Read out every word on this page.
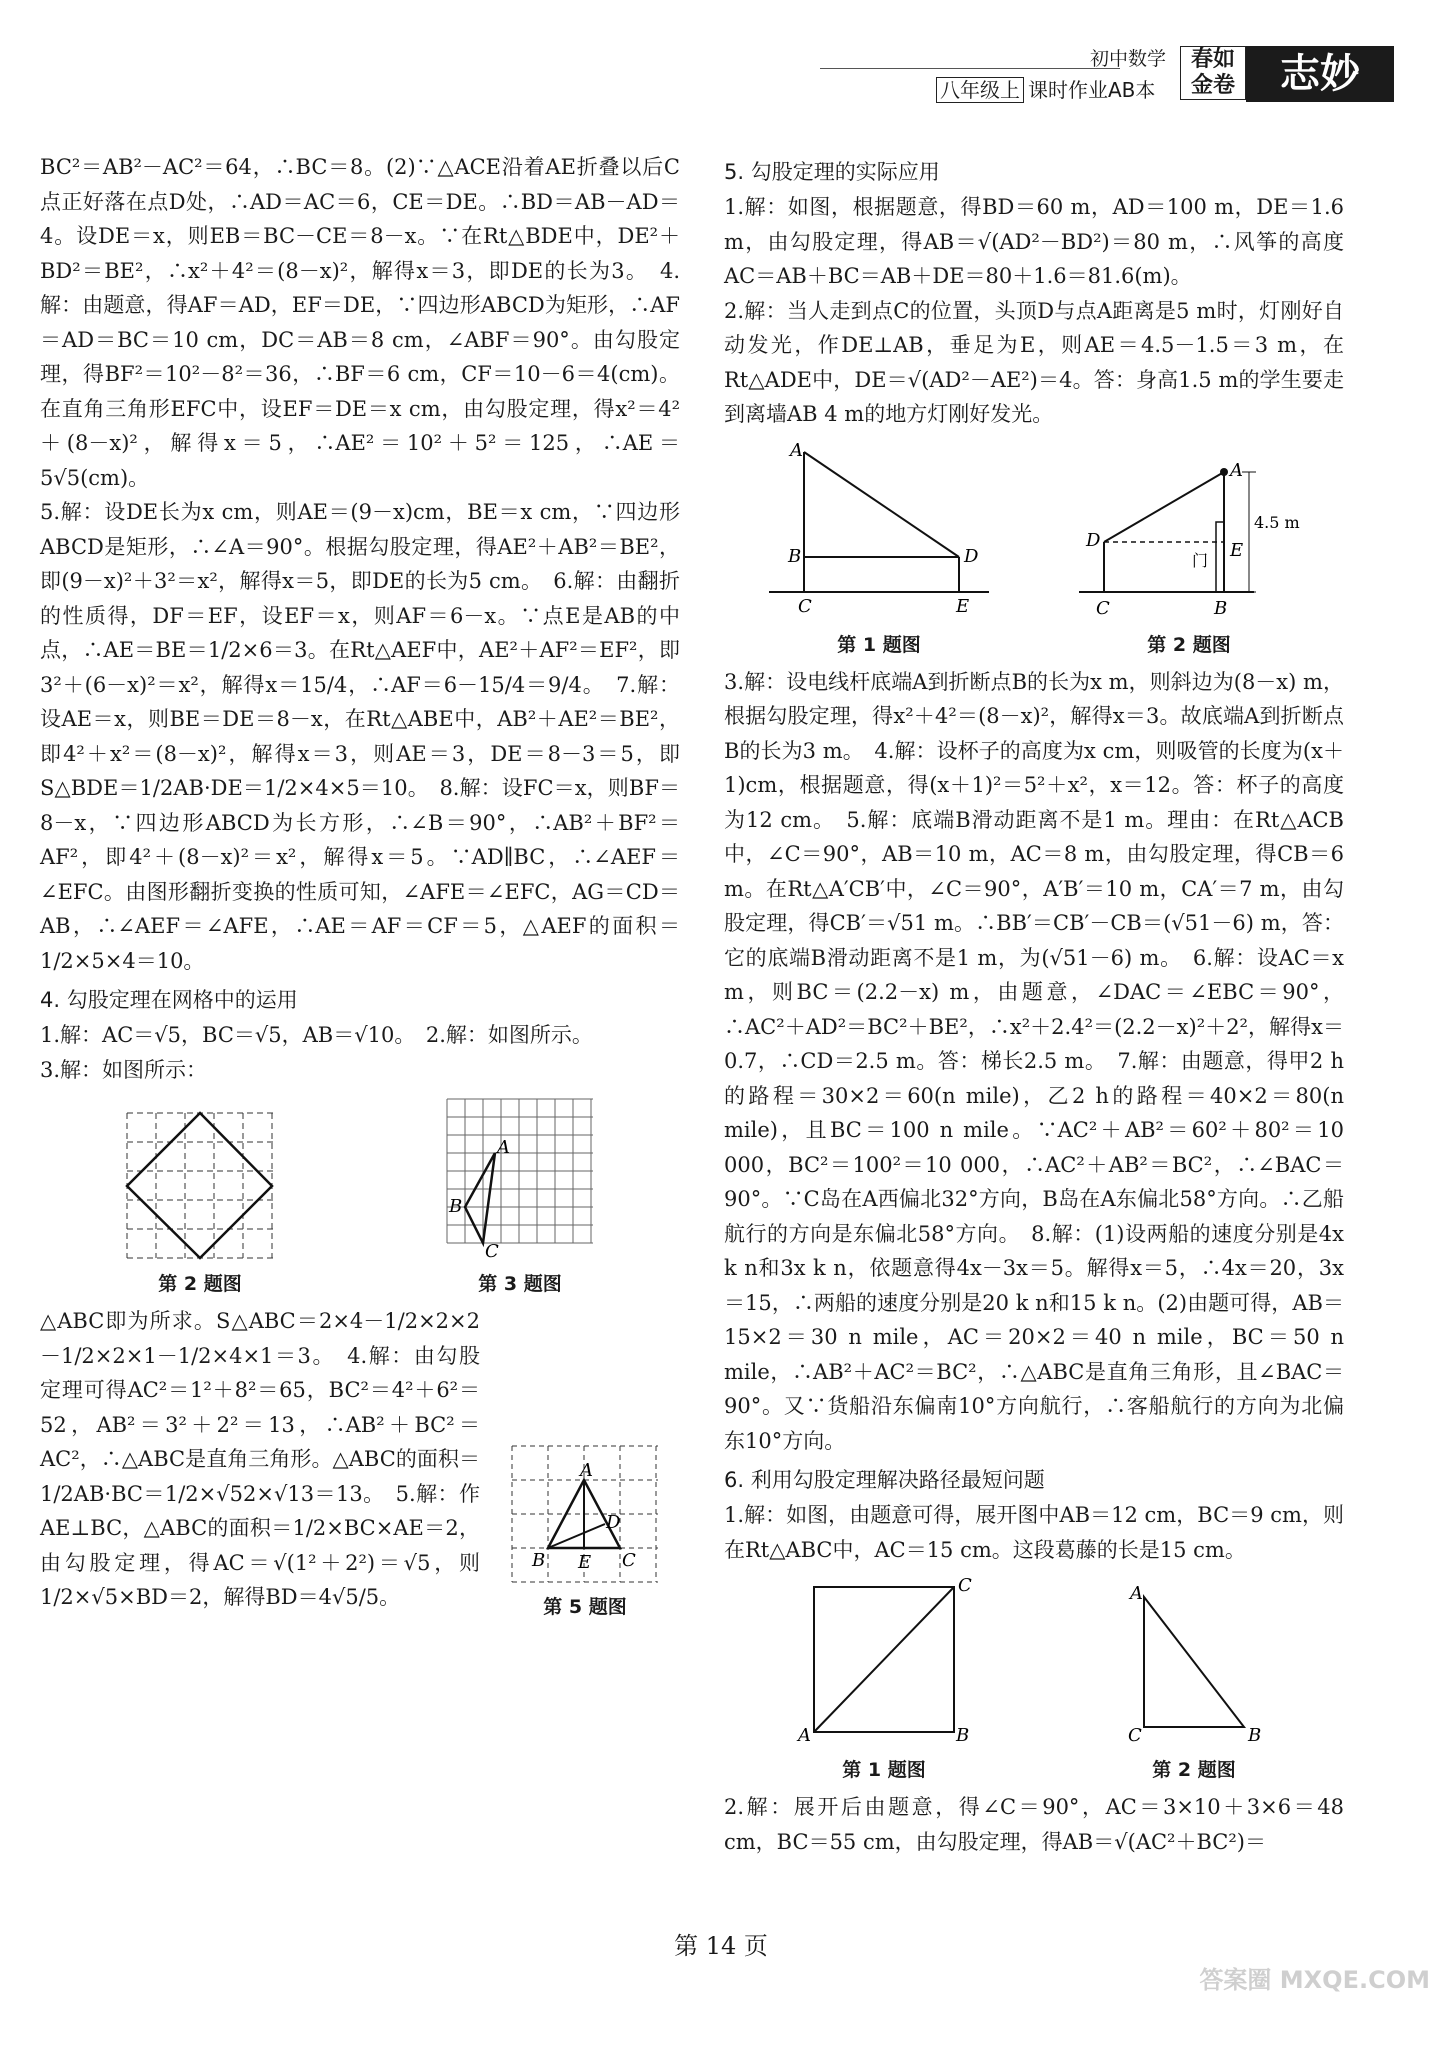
初中数学
八年级上 课时作业AB本
春如金卷	志妙

BC²＝AB²－AC²＝64，∴BC＝8。(2)∵△ACE沿着AE折叠以后C点正好落在点D处，∴AD＝AC＝6，CE＝DE。∴BD＝AB－AD＝4。设DE＝x，则EB＝BC－CE＝8－x。∵在Rt△BDE中，DE²＋BD²＝BE²，∴x²＋4²＝(8－x)²，解得x＝3，即DE的长为3。　4.解：由题意，得AF＝AD，EF＝DE，∵四边形ABCD为矩形，∴AF＝AD＝BC＝10 cm，DC＝AB＝8 cm，∠ABF＝90°。由勾股定理，得BF²＝10²－8²＝36，∴BF＝6 cm，CF＝10－6＝4(cm)。在直角三角形EFC中，设EF＝DE＝x cm，由勾股定理，得x²＝4²＋(8－x)²，解得x＝5，∴AE²＝10²＋5²＝125，∴AE＝5√5(cm)。

5.解：设DE长为x cm，则AE＝(9－x)cm，BE＝x cm，∵四边形ABCD是矩形，∴∠A＝90°。根据勾股定理，得AE²＋AB²＝BE²，即(9－x)²＋3²＝x²，解得x＝5，即DE的长为5 cm。　6.解：由翻折的性质得，DF＝EF，设EF＝x，则AF＝6－x。∵点E是AB的中点，∴AE＝BE＝1/2×6＝3。在Rt△AEF中，AE²＋AF²＝EF²，即3²＋(6－x)²＝x²，解得x＝15/4，∴AF＝6－15/4＝9/4。　7.解：设AE＝x，则BE＝DE＝8－x，在Rt△ABE中，AB²＋AE²＝BE²，即4²＋x²＝(8－x)²，解得x＝3，则AE＝3，DE＝8－3＝5，即S△BDE＝1/2AB·DE＝1/2×4×5＝10。　8.解：设FC＝x，则BF＝8－x，∵四边形ABCD为长方形，∴∠B＝90°，∴AB²＋BF²＝AF²，即4²＋(8－x)²＝x²，解得x＝5。∵AD∥BC，∴∠AEF＝∠EFC。由图形翻折变换的性质可知，∠AFE＝∠EFC，AG＝CD＝AB，∴∠AEF＝∠AFE，∴AE＝AF＝CF＝5，△AEF的面积＝1/2×5×4＝10。

4. 勾股定理在网格中的运用

1.解：AC＝√5，BC＝√5，AB＝√10。　2.解：如图所示。

3.解：如图所示：

第 2 题图
A
B
C
第 3 题图

△ABC即为所求。S△ABC＝2×4－1/2×2×2－1/2×2×1－1/2×4×1＝3。　4.解：由勾股定理可得AC²＝1²＋8²＝65，BC²＝4²＋6²＝52，AB²＝3²＋2²＝13，∴AB²＋BC²＝AC²，∴△ABC是直角三角形。△ABC的面积＝1/2AB·BC＝1/2×√52×√13＝13。　5.解：作AE⊥BC，△ABC的面积＝1/2×BC×AE＝2，由勾股定理，得AC＝√(1²＋2²)＝√5，则1/2×√5×BD＝2，解得BD＝4√5/5。

A
B	C
D
E
第 5 题图
5. 勾股定理的实际应用

1.解：如图，根据题意，得BD＝60 m，AD＝100 m，DE＝1.6 m，由勾股定理，得AB＝√(AD²－BD²)＝80 m，∴风筝的高度AC＝AB＋BC＝AB＋DE＝80＋1.6＝81.6(m)。

2.解：当人走到点C的位置，头顶D与点A距离是5 m时，灯刚好自动发光，作DE⊥AB，垂足为E，则AE＝4.5－1.5＝3 m，在Rt△ADE中，DE＝√(AD²－AE²)＝4。答：身高1.5 m的学生要走到离墙AB 4 m的地方灯刚好发光。

A
B	D
C	E
第 1 题图
A
D	E
C	B
4.5 m
门
第 2 题图

3.解：设电线杆底端A到折断点B的长为x m，则斜边为(8－x) m，根据勾股定理，得x²＋4²＝(8－x)²，解得x＝3。故底端A到折断点B的长为3 m。　4.解：设杯子的高度为x cm，则吸管的长度为(x＋1)cm，根据题意，得(x＋1)²＝5²＋x²，x＝12。答：杯子的高度为12 cm。　5.解：底端B滑动距离不是1 m。理由：在Rt△ACB中，∠C＝90°，AB＝10 m，AC＝8 m，由勾股定理，得CB＝6 m。在Rt△A′CB′中，∠C＝90°，A′B′＝10 m，CA′＝7 m，由勾股定理，得CB′＝√51 m。∴BB′＝CB′－CB＝(√51－6) m，答：它的底端B滑动距离不是1 m，为(√51－6) m。　6.解：设AC＝x m，则BC＝(2.2－x) m，由题意，∠DAC＝∠EBC＝90°，∴AC²＋AD²＝BC²＋BE²，∴x²＋2.4²＝(2.2－x)²＋2²，解得x＝0.7，∴CD＝2.5 m。答：梯长2.5 m。　7.解：由题意，得甲2 h的路程＝30×2＝60(n mile)，乙2 h的路程＝40×2＝80(n mile)，且BC＝100 n mile。∵AC²＋AB²＝60²＋80²＝10 000，BC²＝100²＝10 000，∴AC²＋AB²＝BC²，∴∠BAC＝90°。∵C岛在A西偏北32°方向，B岛在A东偏北58°方向。∴乙船航行的方向是东偏北58°方向。　8.解：(1)设两船的速度分别是4x k n和3x k n，依题意得4x－3x＝5。解得x＝5，∴4x＝20，3x＝15，∴两船的速度分别是20 k n和15 k n。(2)由题可得，AB＝15×2＝30 n mile，AC＝20×2＝40 n mile，BC＝50 n mile，∴AB²＋AC²＝BC²，∴△ABC是直角三角形，且∠BAC＝90°。又∵货船沿东偏南10°方向航行，∴客船航行的方向为北偏东10°方向。

6. 利用勾股定理解决路径最短问题

1.解：如图，由题意可得，展开图中AB＝12 cm，BC＝9 cm，则在Rt△ABC中，AC＝15 cm。这段葛藤的长是15 cm。

C
A	B
第 1 题图
A
C	B
第 2 题图

2.解：展开后由题意，得∠C＝90°，AC＝3×10＋3×6＝48 cm，BC＝55 cm，由勾股定理，得AB＝√(AC²＋BC²)＝

第 14 页
答案圈 MXQE.COM
